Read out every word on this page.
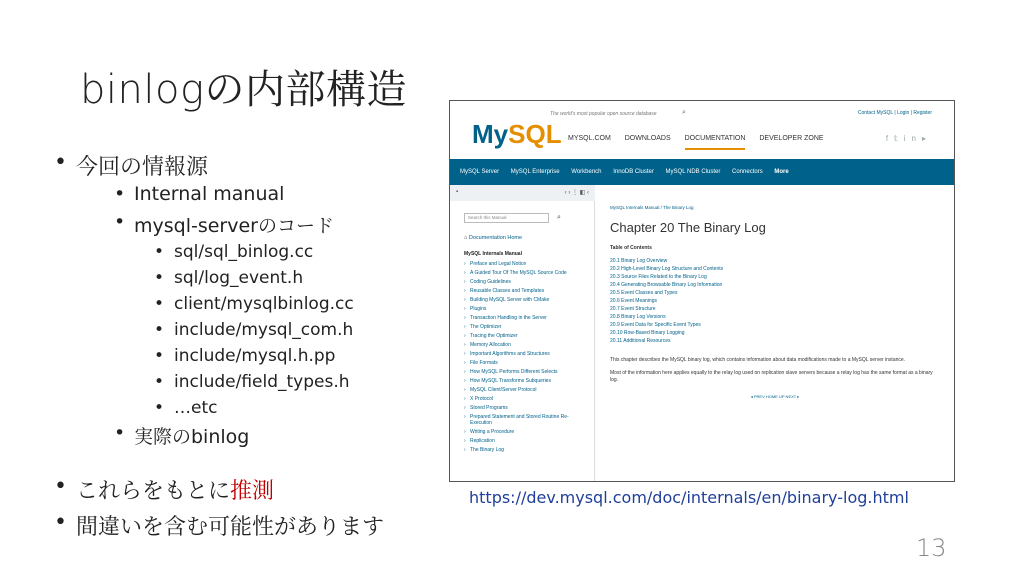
binlogの内部構造
• 今回の情報源
• Internal manual
• mysql-serverのコード
• sql/sql_binlog.cc
• sql/log_event.h
• client/mysqlbinlog.cc
• include/mysql_com.h
• include/mysql.h.pp
• include/field_types.h
• …etc
• 実際のbinlog
• これらをもとに推測
• 間違いを含む可能性があります
MySQL
The world's most popular open source database	⌕	Contact MySQL | Login | Register
f𝕥in▸
MYSQL.COM DOWNLOADS DOCUMENTATION DEVELOPER ZONE
MySQL Server MySQL Enterprise Workbench InnoDB Cluster MySQL NDB Cluster Connectors More
▪	‹ › ⋮ ◧ ‹
Search this Manual	⌕
⌂ Documentation Home
MySQL Internals Manual
› Preface and Legal Notice
› A Guided Tour Of The MySQL Source Code
› Coding Guidelines
› Reusable Classes and Templates
› Building MySQL Server with CMake
› Plugins
› Transaction Handling in the Server
› The Optimizer
› Tracing the Optimizer
› Memory Allocation
› Important Algorithms and Structures
› File Formats
› How MySQL Performs Different Selects
› How MySQL Transforms Subqueries
› MySQL Client/Server Protocol
› X Protocol
› Stored Programs
› Prepared Statement and Stored Routine Re-Execution
› Writing a Procedure
› Replication
› The Binary Log
MySQL Internals Manual / The Binary Log
Chapter 20 The Binary Log
Table of Contents
20.1 Binary Log Overview
20.2 High-Level Binary Log Structure and Contents
20.3 Source Files Related to the Binary Log
20.4 Generating Browsable Binary Log Information
20.5 Event Classes and Types
20.6 Event Meanings
20.7 Event Structure
20.8 Binary Log Versions
20.9 Event Data for Specific Event Types
20.10 Row-Based Binary Logging
20.11 Additional Resources

This chapter describes the MySQL binary log, which contains information about data modifications made to a MySQL server instance.

Most of the information here applies equally to the relay log used on replication slave servers because a relay log has the same format as a binary log.

◂ PREV HOME UP NEXT ▸
https://dev.mysql.com/doc/internals/en/binary-log.html
13
